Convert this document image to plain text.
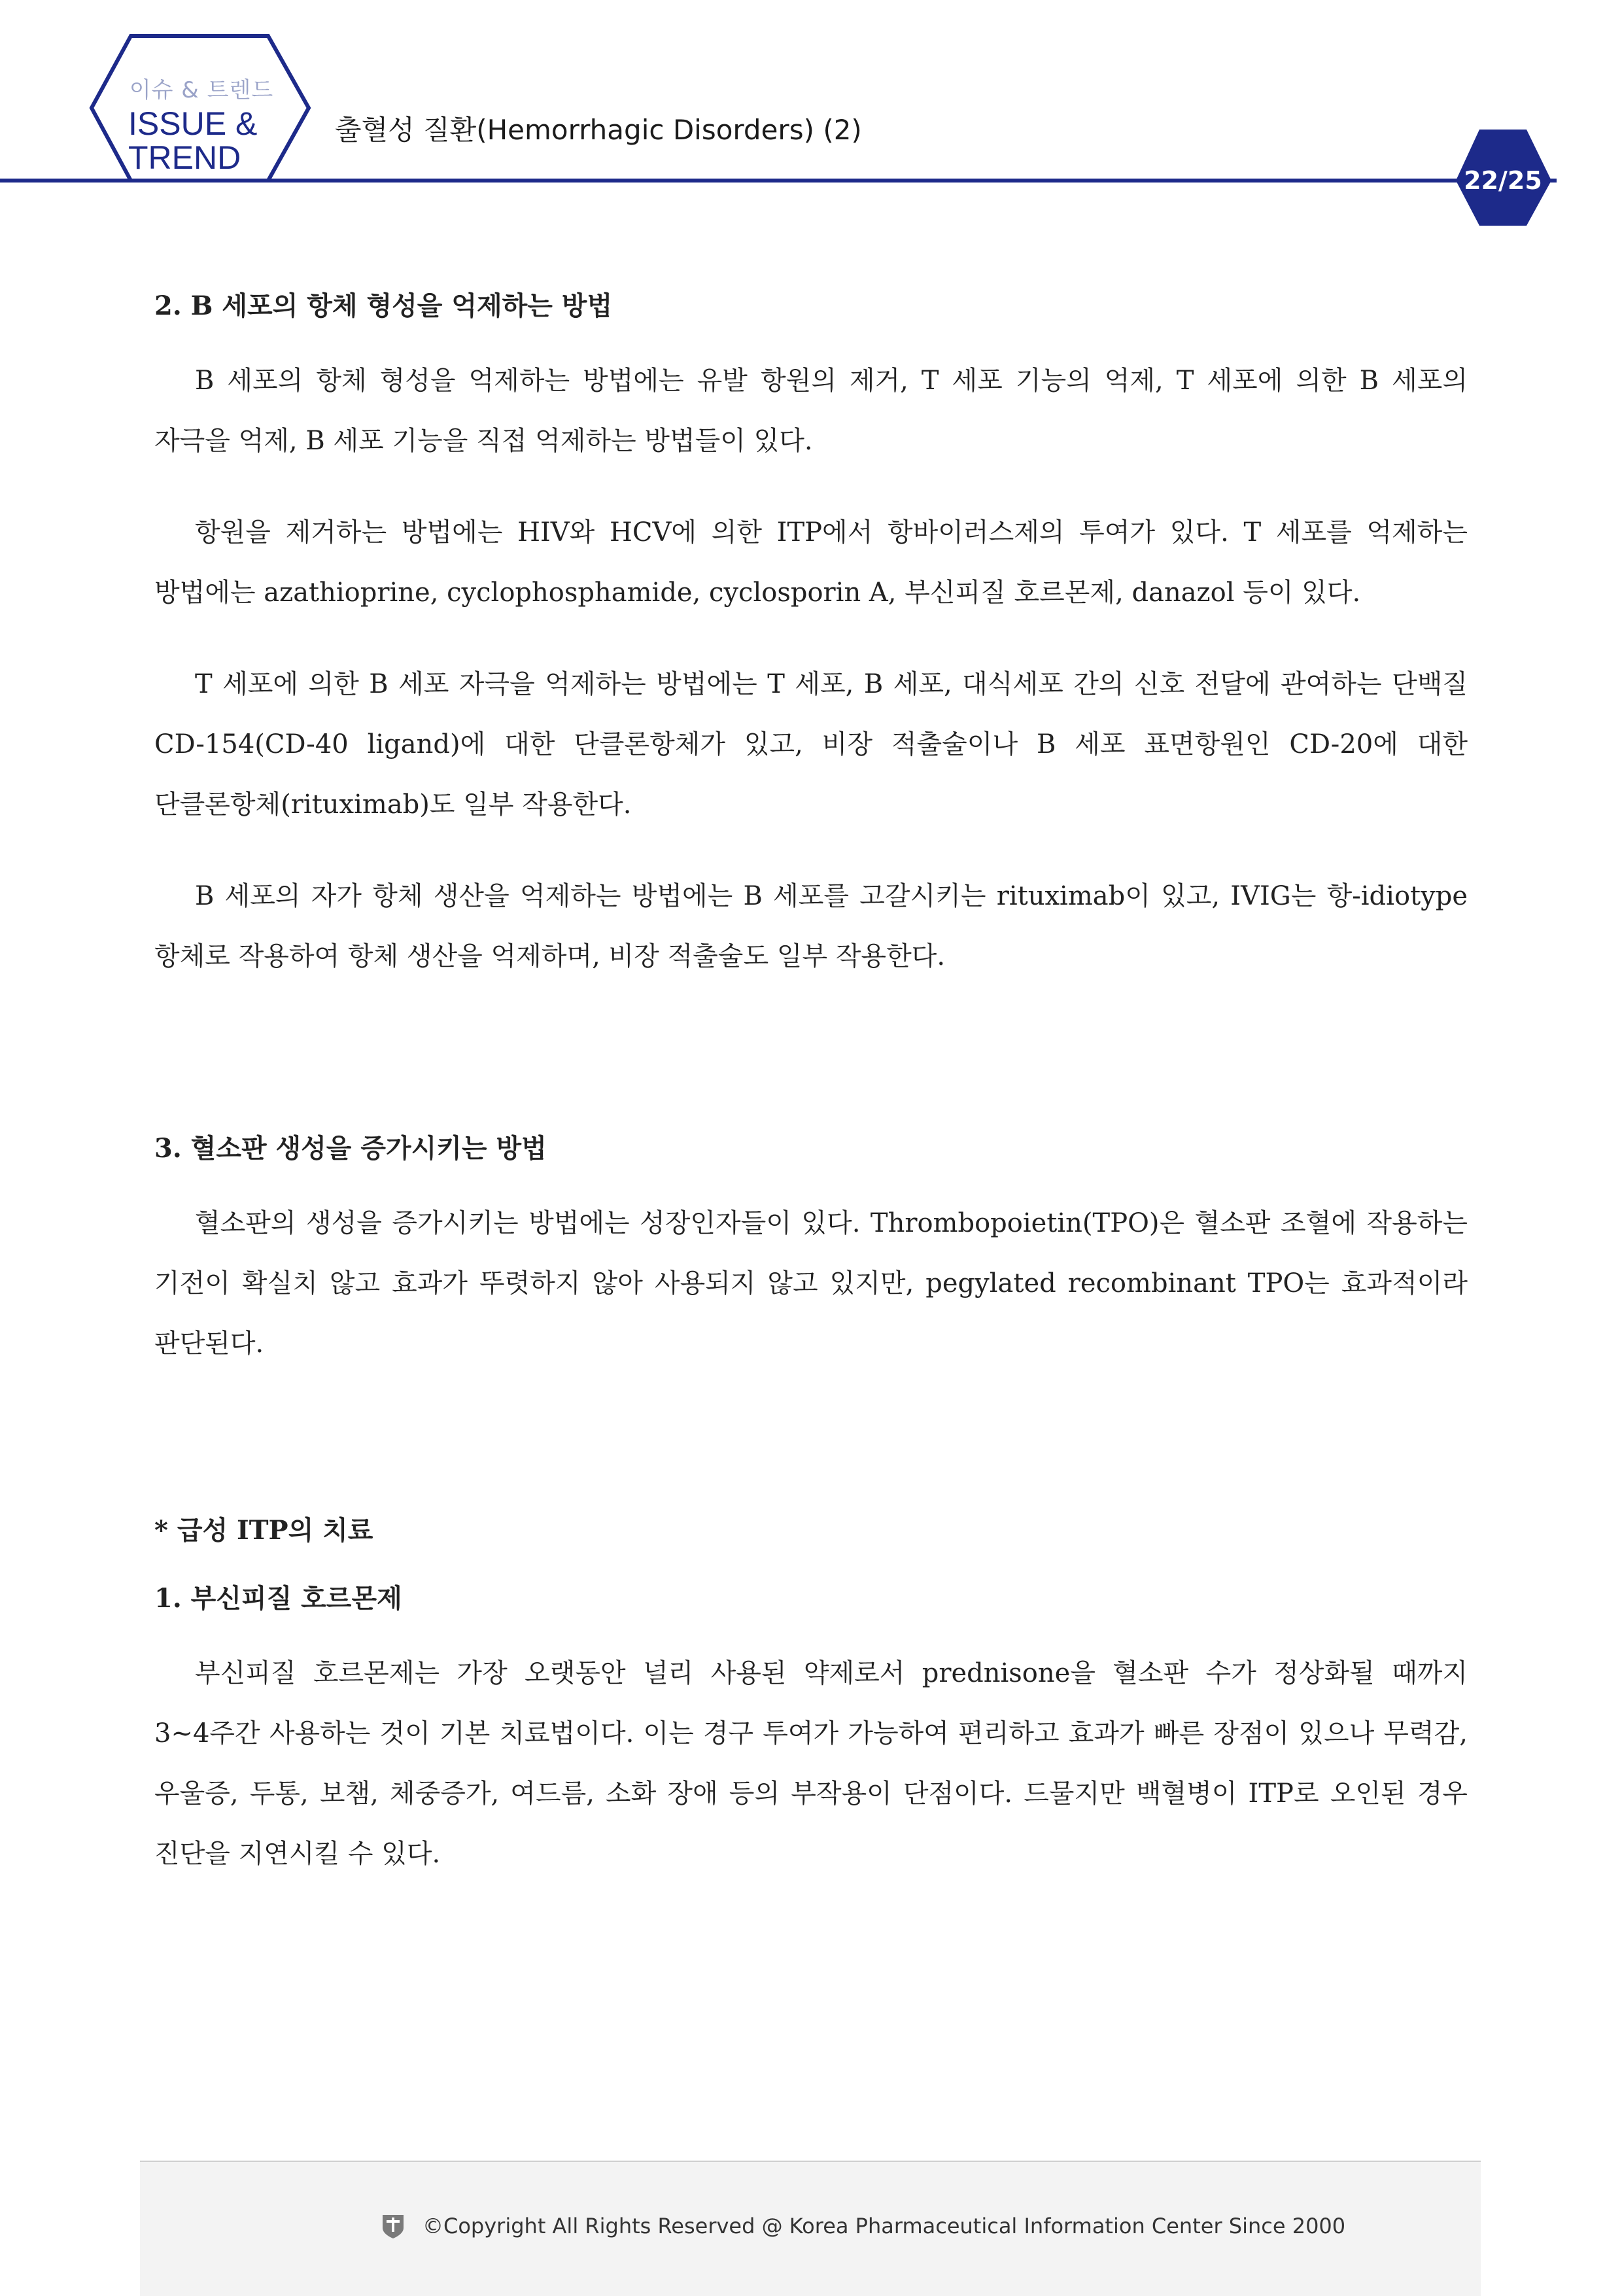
이슈 & 트렌드
ISSUE &
TREND
출혈성 질환(Hemorrhagic Disorders) (2)
22/25
2. B 세포의 항체 형성을 억제하는 방법

B 세포의 항체 형성을 억제하는 방법에는 유발 항원의 제거, T 세포 기능의 억제, T 세포에 의한 B 세포의 자극을 억제, B 세포 기능을 직접 억제하는 방법들이 있다.

항원을 제거하는 방법에는 HIV와 HCV에 의한 ITP에서 항바이러스제의 투여가 있다. T 세포를 억제하는 방법에는 azathioprine, cyclophosphamide, cyclosporin A, 부신피질 호르몬제, danazol 등이 있다.

T 세포에 의한 B 세포 자극을 억제하는 방법에는 T 세포, B 세포, 대식세포 간의 신호 전달에 관여하는 단백질 CD-154(CD-40 ligand)에 대한 단클론항체가 있고, 비장 적출술이나 B 세포 표면항원인 CD-20에 대한 단클론항체(rituximab)도 일부 작용한다.

B 세포의 자가 항체 생산을 억제하는 방법에는 B 세포를 고갈시키는 rituximab이 있고, IVIG는 항-idiotype 항체로 작용하여 항체 생산을 억제하며, 비장 적출술도 일부 작용한다.

3. 혈소판 생성을 증가시키는 방법

혈소판의 생성을 증가시키는 방법에는 성장인자들이 있다. Thrombopoietin(TPO)은 혈소판 조혈에 작용하는 기전이 확실치 않고 효과가 뚜렷하지 않아 사용되지 않고 있지만, pegylated recombinant TPO는 효과적이라 판단된다.

* 급성 ITP의 치료
1. 부신피질 호르몬제

부신피질 호르몬제는 가장 오랫동안 널리 사용된 약제로서 prednisone을 혈소판 수가 정상화될 때까지 3~4주간 사용하는 것이 기본 치료법이다. 이는 경구 투여가 가능하여 편리하고 효과가 빠른 장점이 있으나 무력감, 우울증, 두통, 보챔, 체중증가, 여드름, 소화 장애 등의 부작용이 단점이다. 드물지만 백혈병이 ITP로 오인된 경우 진단을 지연시킬 수 있다.

©Copyright All Rights Reserved @ Korea Pharmaceutical Information Center Since 2000
